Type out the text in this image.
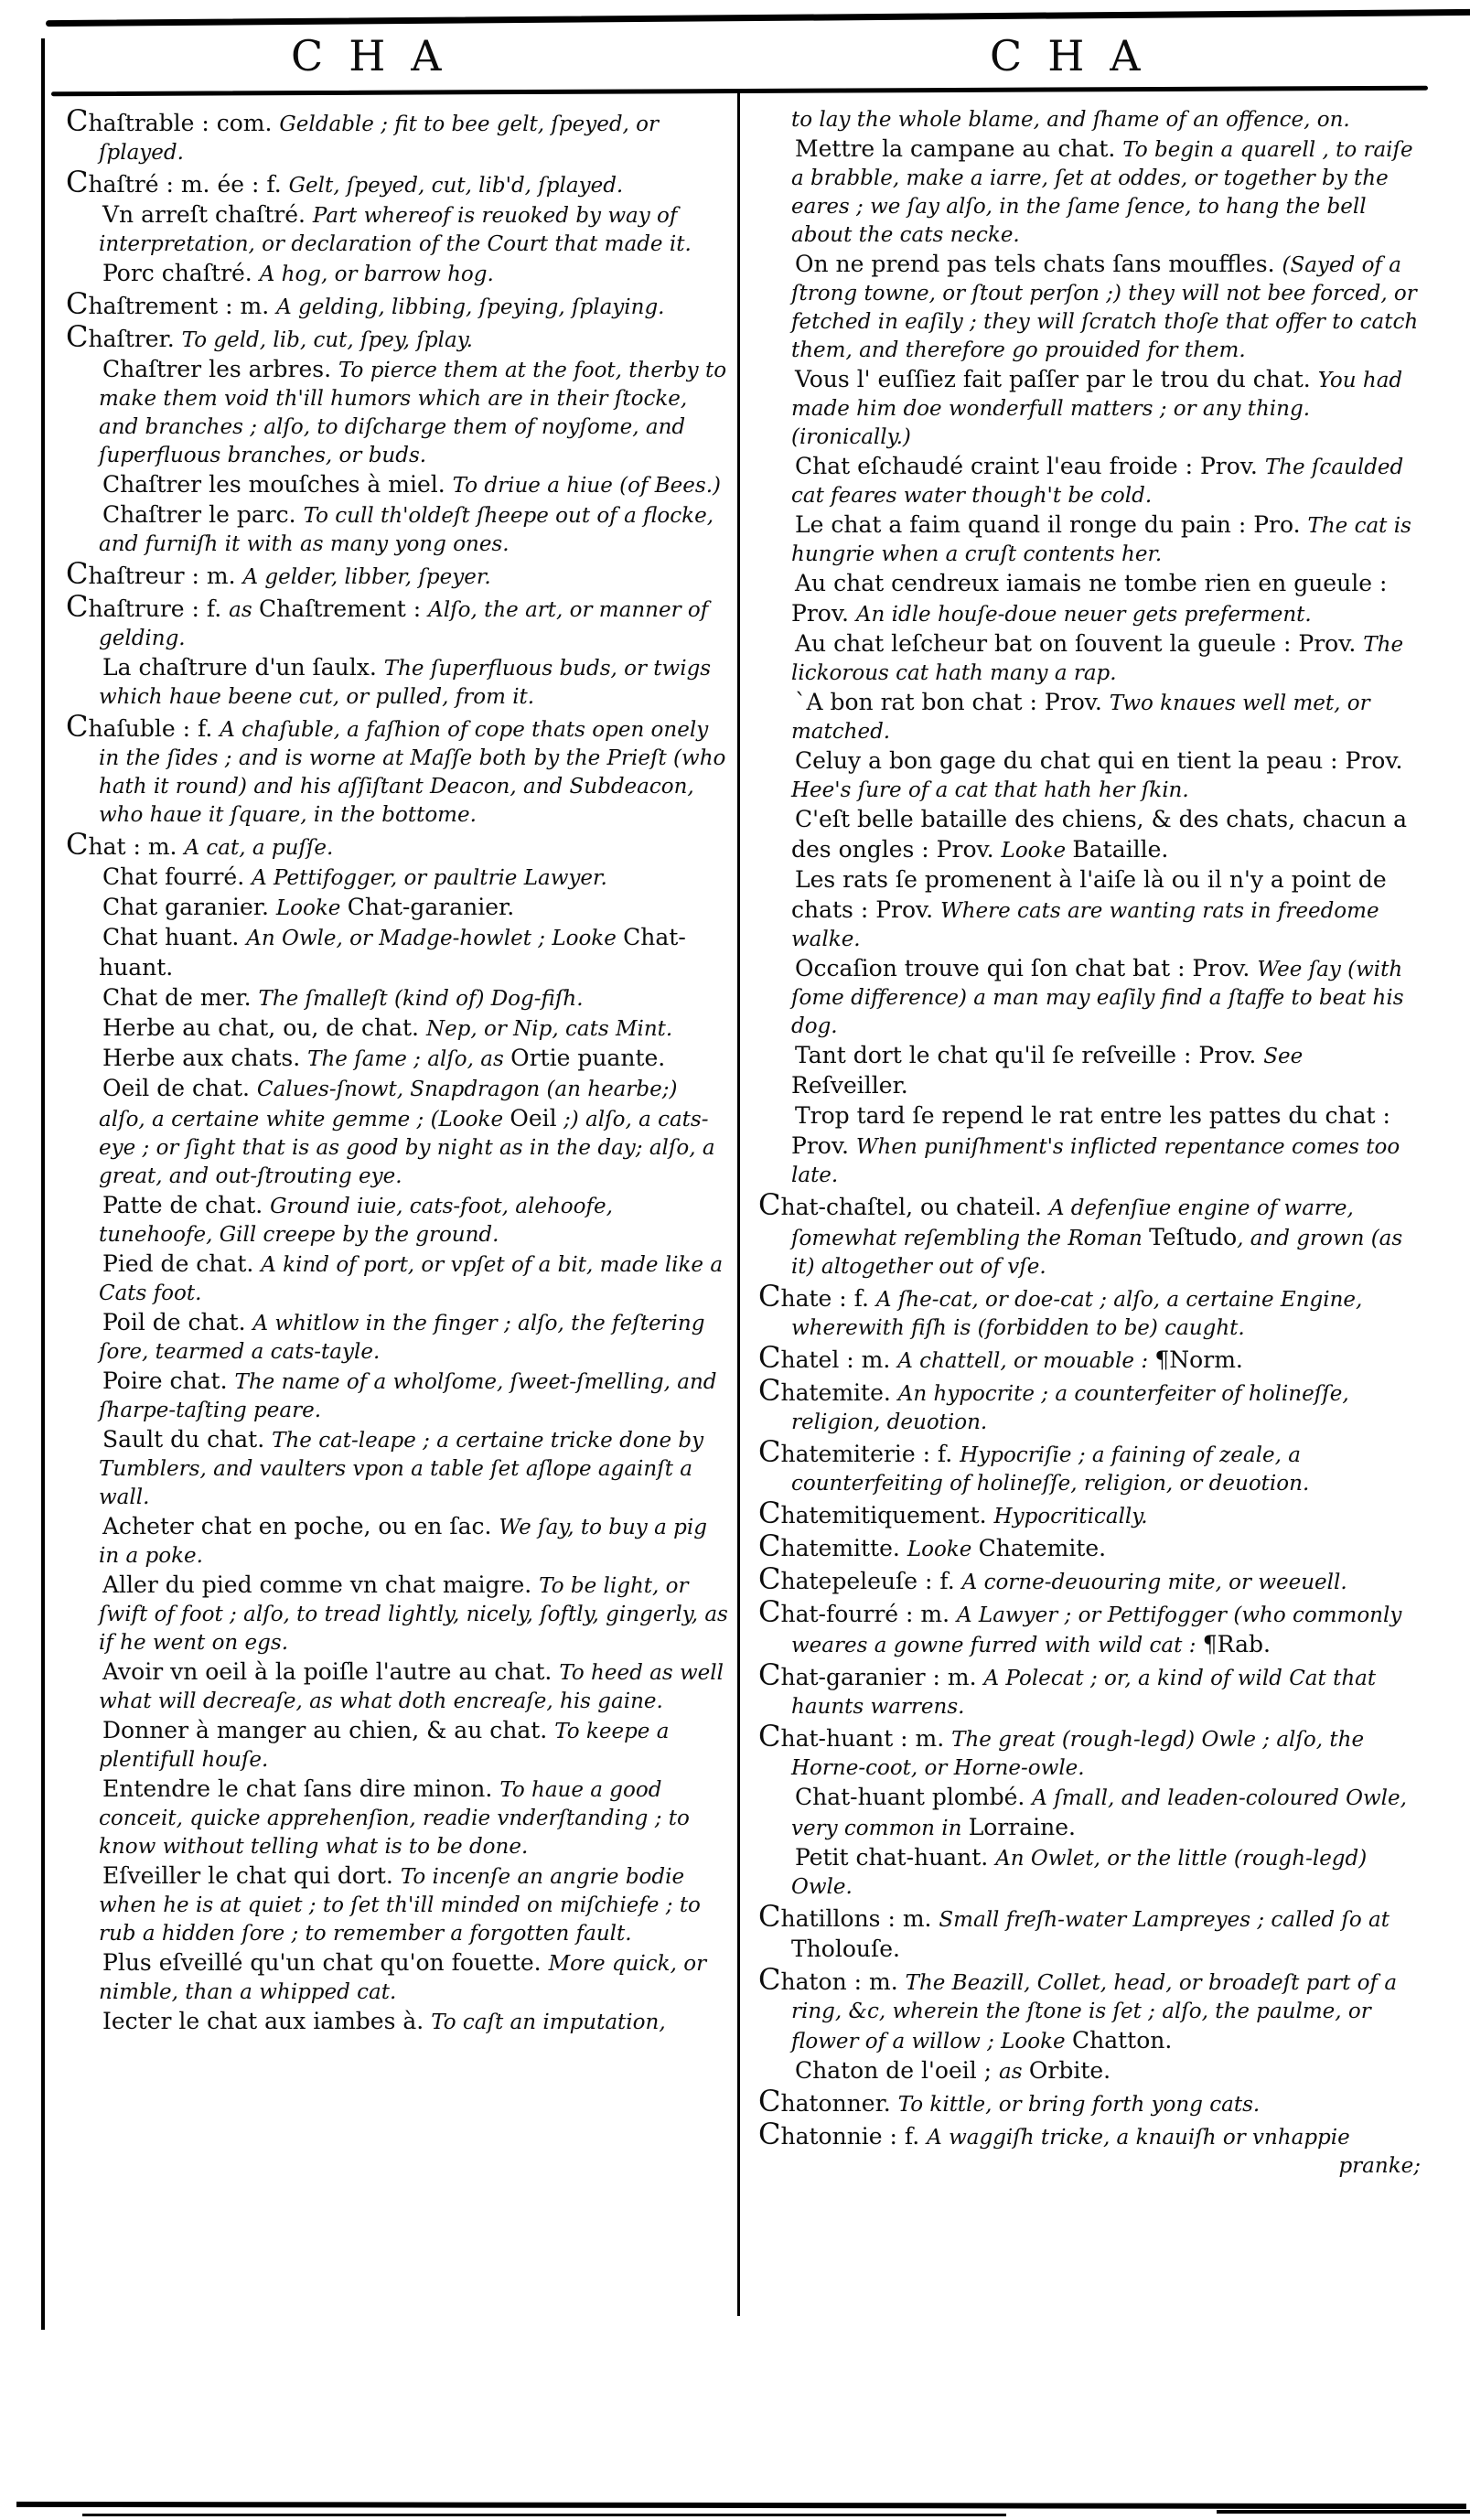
CHA	CHA

Chaſtrable : com. Geldable ; fit to bee gelt, ſpeyed, or ſplayed.

Chaſtré : m. ée : f. Gelt, ſpeyed, cut, lib'd, ſplayed.

Vn arreſt chaſtré. Part whereof is reuoked by way of interpretation, or declaration of the Court that made it.

Porc chaſtré. A hog, or barrow hog.

Chaſtrement : m. A gelding, libbing, ſpeying, ſplaying.

Chaſtrer. To geld, lib, cut, ſpey, ſplay.

Chaſtrer les arbres. To pierce them at the foot, therby to make them void th'ill humors which are in their ſtocke, and branches ; alſo, to diſcharge them of noyſome, and ſuperfluous branches, or buds.

Chaſtrer les mouſches à miel. To driue a hiue (of Bees.)

Chaſtrer le parc. To cull th'oldeſt ſheepe out of a flocke, and furniſh it with as many yong ones.

Chaſtreur : m. A gelder, libber, ſpeyer.

Chaſtrure : f. as Chaſtrement : Alſo, the art, or manner of gelding.

La chaſtrure d'un ſaulx. The ſuperfluous buds, or twigs which haue beene cut, or pulled, from it.

Chaſuble : f. A chaſuble, a faſhion of cope thats open onely in the ſides ; and is worne at Maſſe both by the Prieſt (who hath it round) and his aſſiſtant Deacon, and Subdeacon, who haue it ſquare, in the bottome.

Chat : m. A cat, a puſſe.

Chat fourré. A Pettifogger, or paultrie Lawyer.

Chat garanier. Looke Chat-garanier.

Chat huant. An Owle, or Madge-howlet ; Looke Chat-huant.

Chat de mer. The ſmalleſt (kind of) Dog-fiſh.

Herbe au chat, ou, de chat. Nep, or Nip, cats Mint.

Herbe aux chats. The ſame ; alſo, as Ortie puante.

Oeil de chat. Calues-ſnowt, Snapdragon (an hearbe;) alſo, a certaine white gemme ; (Looke Oeil ;) alſo, a cats-eye ; or ſight that is as good by night as in the day; alſo, a great, and out-ſtrouting eye.

Patte de chat. Ground iuie, cats-foot, alehoofe, tunehoofe, Gill creepe by the ground.

Pied de chat. A kind of port, or vpſet of a bit, made like a Cats foot.

Poil de chat. A whitlow in the finger ; alſo, the feſtering ſore, tearmed a cats-tayle.

Poire chat. The name of a wholſome, ſweet-ſmelling, and ſharpe-taſting peare.

Sault du chat. The cat-leape ; a certaine tricke done by Tumblers, and vaulters vpon a table ſet aſlope againſt a wall.

Acheter chat en poche, ou en ſac. We ſay, to buy a pig in a poke.

Aller du pied comme vn chat maigre. To be light, or ſwift of foot ; alſo, to tread lightly, nicely, ſoftly, gingerly, as if he went on egs.

Avoir vn oeil à la poiſle l'autre au chat. To heed as well what will decreaſe, as what doth encreaſe, his gaine.

Donner à manger au chien, & au chat. To keepe a plentifull houſe.

Entendre le chat ſans dire minon. To haue a good conceit, quicke apprehenſion, readie vnderſtanding ; to know without telling what is to be done.

Eſveiller le chat qui dort. To incenſe an angrie bodie when he is at quiet ; to ſet th'ill minded on miſchiefe ; to rub a hidden ſore ; to remember a forgotten fault.

Plus eſveillé qu'un chat qu'on fouette. More quick, or nimble, than a whipped cat.

Iecter le chat aux iambes à. To caſt an imputation,

to lay the whole blame, and ſhame of an offence, on.

Mettre la campane au chat. To begin a quarell , to raiſe a brabble, make a iarre, ſet at oddes, or together by the eares ; we ſay alſo, in the ſame ſence, to hang the bell about the cats necke.

On ne prend pas tels chats ſans mouffles. (Sayed of a ſtrong towne, or ſtout perſon ;) they will not bee forced, or fetched in eaſily ; they will ſcratch thoſe that offer to catch them, and therefore go prouided for them.

Vous l' euſſiez fait paſſer par le trou du chat. You had made him doe wonderfull matters ; or any thing. (ironically.)

Chat eſchaudé craint l'eau froide : Prov. The ſcaulded cat feares water though't be cold.

Le chat a faim quand il ronge du pain : Pro. The cat is hungrie when a cruſt contents her.

Au chat cendreux iamais ne tombe rien en gueule : Prov. An idle houſe-doue neuer gets preferment.

Au chat leſcheur bat on ſouvent la gueule : Prov. The lickorous cat hath many a rap.

`A bon rat bon chat : Prov. Two knaues well met, or matched.

Celuy a bon gage du chat qui en tient la peau : Prov. Hee's ſure of a cat that hath her ſkin.

C'eſt belle bataille des chiens, & des chats, chacun a des ongles : Prov. Looke Bataille.

Les rats ſe promenent à l'aiſe là ou il n'y a point de chats : Prov. Where cats are wanting rats in freedome walke.

Occaſion trouve qui ſon chat bat : Prov. Wee ſay (with ſome difference) a man may eaſily find a ſtaffe to beat his dog.

Tant dort le chat qu'il ſe reſveille : Prov. See Reſveiller.

Trop tard ſe repend le rat entre les pattes du chat : Prov. When puniſhment's inflicted repentance comes too late.

Chat-chaſtel, ou chateil. A defenſiue engine of warre, ſomewhat reſembling the Roman Teſtudo, and grown (as it) altogether out of vſe.

Chate : f. A ſhe-cat, or doe-cat ; alſo, a certaine Engine, wherewith fiſh is (forbidden to be) caught.

Chatel : m. A chattell, or mouable : ¶Norm.

Chatemite. An hypocrite ; a counterfeiter of holineſſe, religion, deuotion.

Chatemiterie : f. Hypocriſie ; a faining of zeale, a counterfeiting of holineſſe, religion, or deuotion.

Chatemitiquement. Hypocritically.

Chatemitte. Looke Chatemite.

Chatepeleuſe : f. A corne-deuouring mite, or weeuell.

Chat-fourré : m. A Lawyer ; or Pettifogger (who commonly weares a gowne furred with wild cat : ¶Rab.

Chat-garanier : m. A Polecat ; or, a kind of wild Cat that haunts warrens.

Chat-huant : m. The great (rough-legd) Owle ; alſo, the Horne-coot, or Horne-owle.

Chat-huant plombé. A ſmall, and leaden-coloured Owle, very common in Lorraine.

Petit chat-huant. An Owlet, or the little (rough-legd) Owle.

Chatillons : m. Small freſh-water Lampreyes ; called ſo at Tholouſe.

Chaton : m. The Beazill, Collet, head, or broadeſt part of a ring, &c, wherein the ſtone is ſet ; alſo, the paulme, or flower of a willow ; Looke Chatton.

Chaton de l'oeil ; as Orbite.

Chatonner. To kittle, or bring forth yong cats.

Chatonnie : f. A waggiſh tricke, a knauiſh or vnhappie

pranke;
